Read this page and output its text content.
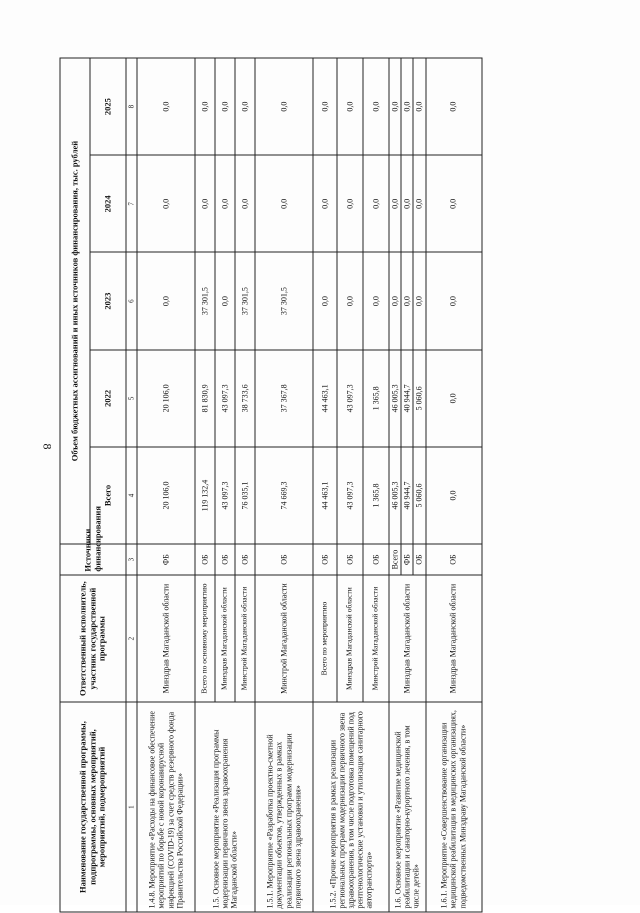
8
Наименование государственной программы, подпрограммы, основных мероприятий, мероприятий, подмероприятий	Ответственный исполнитель, участник государственной программы	Источники финансирования	Объем бюджетных ассигнований и иных источников финансирования, тыс. рублей				
			Всего	2022	2023	2024	2025
1	2	3	4	5	6	7	8
1.4.8. Мероприятие «Расходы на финансовое обеспечение мероприятий по борьбе с новой коронавирусной инфекцией (COVID-19) за счет средств резервного фонда Правительства Российской Федерации»	Минздрав Магаданской области	ФБ	20 106,0	20 106,0	0,0	0,0	0,0
1.5. Основное мероприятие «Реализация программы модернизации первичного звена здравоохранения Магаданской области»	Всего по основному мероприятию	ОБ	119 132,4	81 830,9	37 301,5	0,0	0,0
	Минздрав Магаданской области	ОБ	43 097,3	43 097,3	0,0	0,0	0,0
	Минстрой Магаданской области	ОБ	76 035,1	38 733,6	37 301,5	0,0	0,0
1.5.1. Мероприятие «Разработка проектно-сметной документации объектов, утвержденных в рамках реализации региональных программ модернизации первичного звена здравоохранения»	Минстрой Магаданской области	ОБ	74 669,3	37 367,8	37 301,5	0,0	0,0
1.5.2. «Прочие мероприятия в рамках реализации региональных программ модернизации первичного звена здравоохранения, в том числе подготовка помещений под рентгенологические установки и утилизация санитарного автотранспорта»	Всего по мероприятию	ОБ	44 463,1	44 463,1	0,0	0,0	0,0
	Минздрав Магаданской области	ОБ	43 097,3	43 097,3	0,0	0,0	0,0
	Минстрой Магаданской области	ОБ	1 365,8	1 365,8	0,0	0,0	0,0
1.6. Основное мероприятие «Развитие медицинской реабилитации и санаторно-курортного лечения, в том числе детей»	Минздрав Магаданской области	Всего	46 005,3	46 005,3	0,0	0,0	0,0
		ФБ	40 944,7	40 944,7	0,0	0,0	0,0
		ОБ	5 060,6	5 060,6	0,0	0,0	0,0
1.6.1. Мероприятие «Совершенствование организации медицинской реабилитации в медицинских организациях, подведомственных Минздраву Магаданской области»	Минздрав Магаданской области	ОБ	0,0	0,0	0,0	0,0	0,0
